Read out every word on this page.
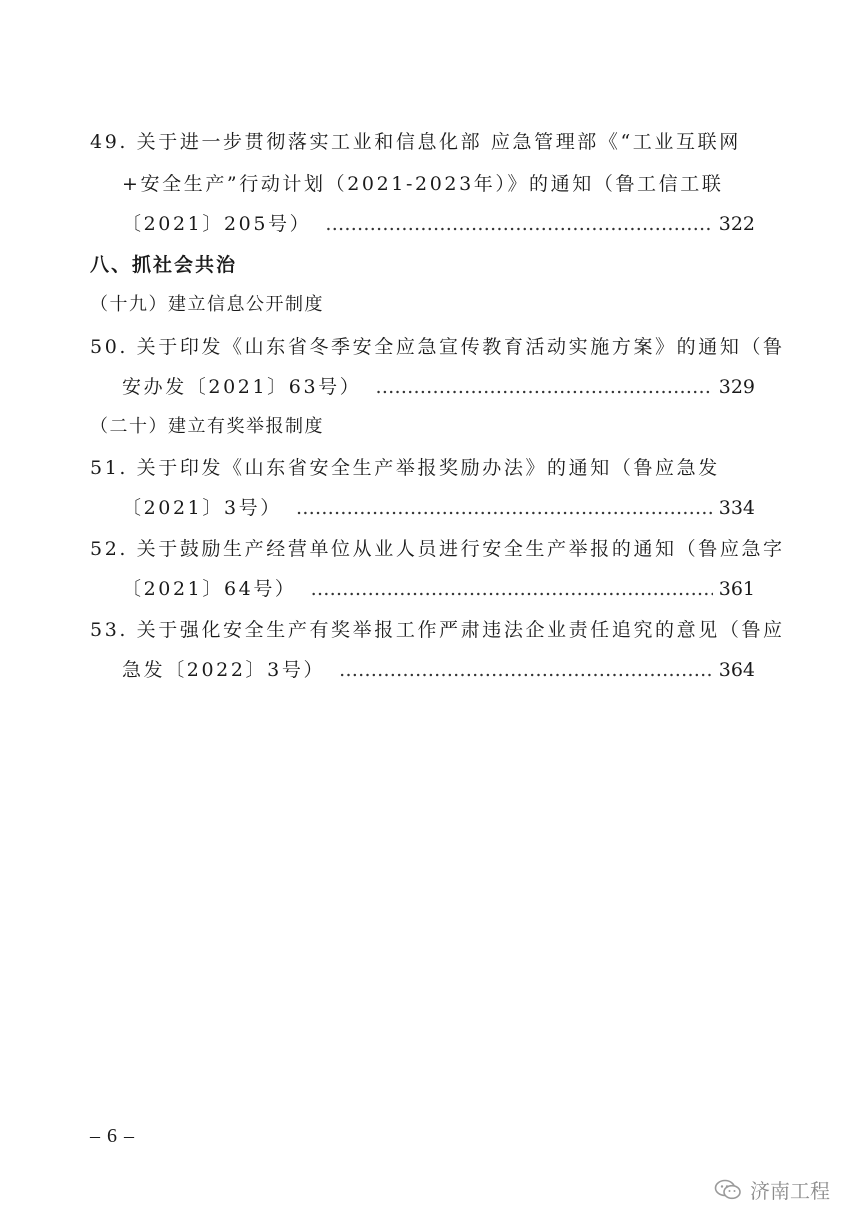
49. 关于进一步贯彻落实工业和信息化部 应急管理部《“工业互联网
+安全生产”行动计划（2021-2023年）》的通知（鲁工信工联
〔2021〕205号） ……………………………………………………………………………………………………………………………………………	322
八、抓社会共治
（十九）建立信息公开制度
50. 关于印发《山东省冬季安全应急宣传教育活动实施方案》的通知（鲁
安办发〔2021〕63号） ……………………………………………………………………………………………………………………………………………	329
（二十）建立有奖举报制度
51. 关于印发《山东省安全生产举报奖励办法》的通知（鲁应急发
〔2021〕3号） ……………………………………………………………………………………………………………………………………………	334
52. 关于鼓励生产经营单位从业人员进行安全生产举报的通知（鲁应急字
〔2021〕64号） ……………………………………………………………………………………………………………………………………………	361
53. 关于强化安全生产有奖举报工作严肃违法企业责任追究的意见（鲁应
急发〔2022〕3号） ……………………………………………………………………………………………………………………………………………	364
– 6 –
济南工程
